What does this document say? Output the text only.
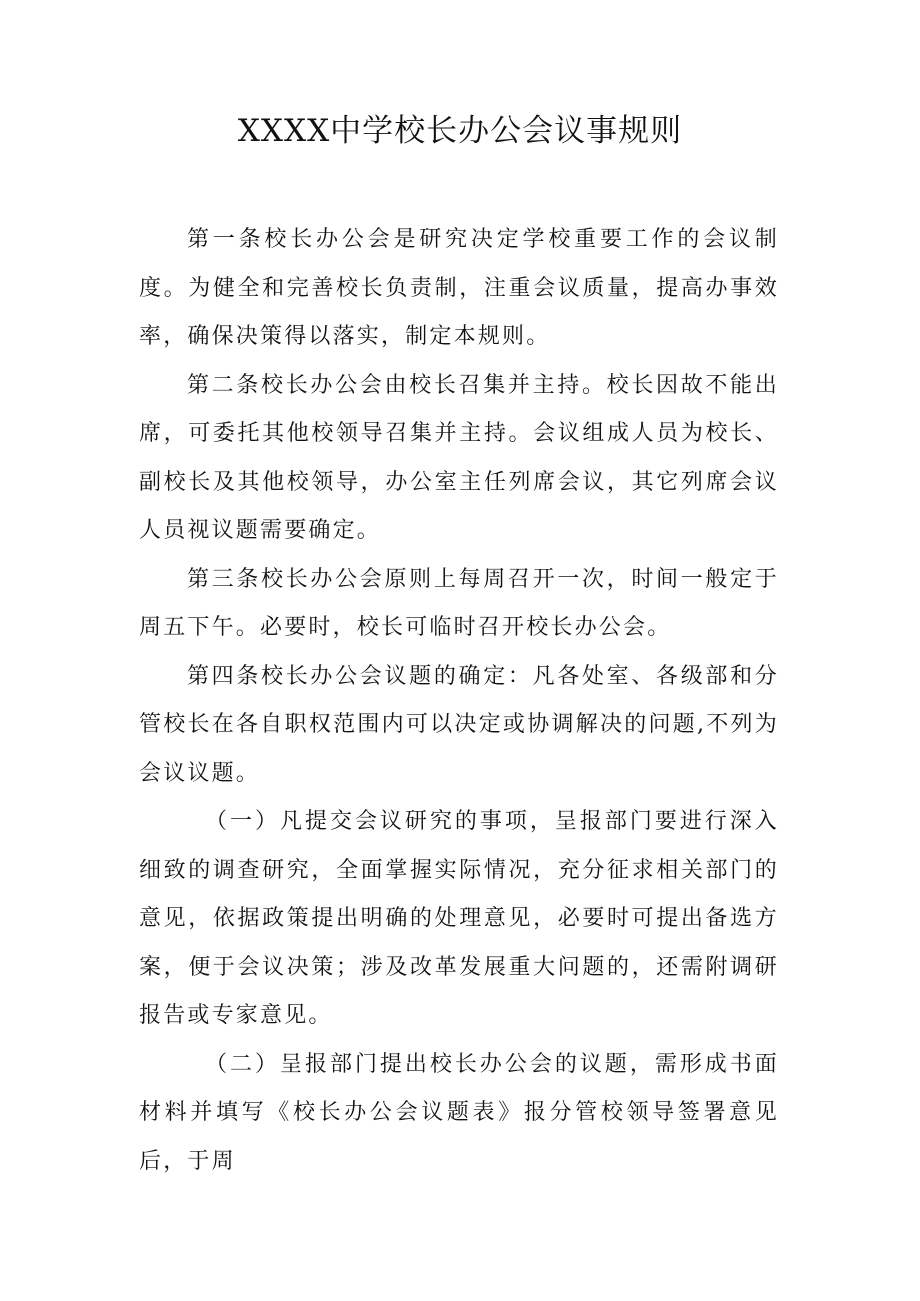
XXXX中学校长办公会议事规则

第一条校长办公会是研究决定学校重要工作的会议制度。为健全和完善校长负责制，注重会议质量，提高办事效率，确保决策得以落实，制定本规则。

第二条校长办公会由校长召集并主持。校长因故不能出席，可委托其他校领导召集并主持。会议组成人员为校长、副校长及其他校领导，办公室主任列席会议，其它列席会议人员视议题需要确定。

第三条校长办公会原则上每周召开一次，时间一般定于周五下午。必要时，校长可临时召开校长办公会。

第四条校长办公会议题的确定：凡各处室、各级部和分管校长在各自职权范围内可以决定或协调解决的问题,不列为会议议题。

（一）凡提交会议研究的事项，呈报部门要进行深入细致的调查研究，全面掌握实际情况，充分征求相关部门的意见，依据政策提出明确的处理意见，必要时可提出备选方案，便于会议决策；涉及改革发展重大问题的，还需附调研报告或专家意见。

（二）呈报部门提出校长办公会的议题，需形成书面材料并填写《校长办公会议题表》报分管校领导签署意见后，于周
